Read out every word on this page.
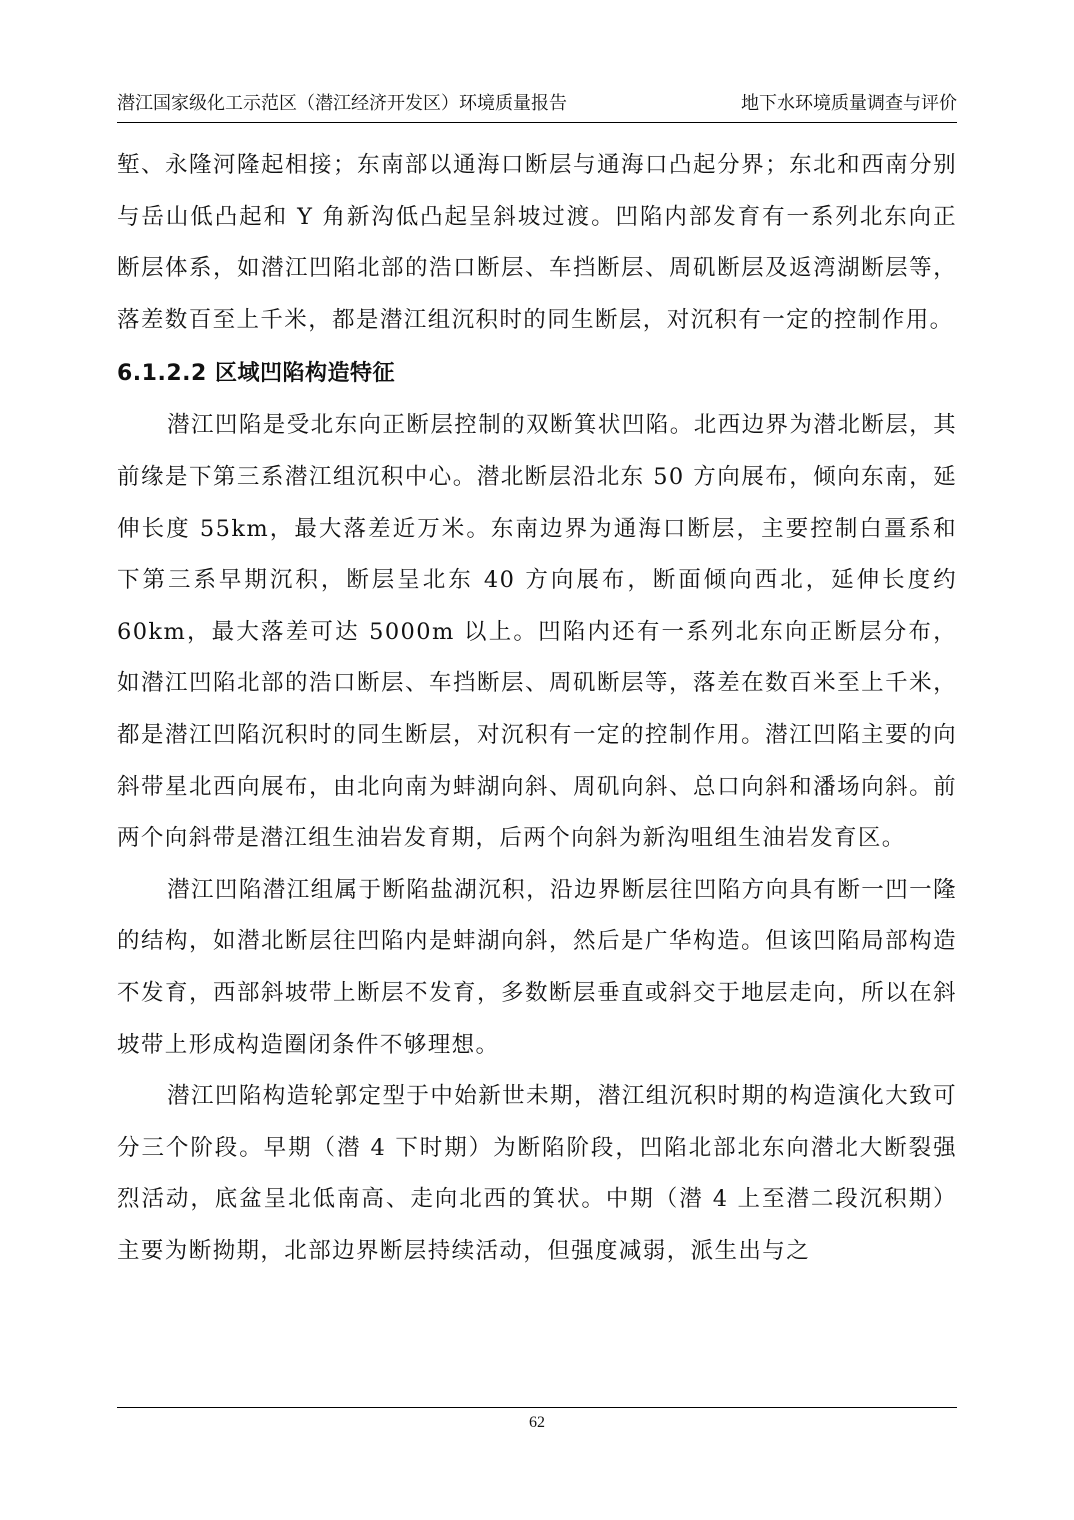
潜江国家级化工示范区（潜江经济开发区）环境质量报告	地下水环境质量调查与评价

堑、永隆河隆起相接；东南部以通海口断层与通海口凸起分界；东北和西南分别与岳山低凸起和 Y 角新沟低凸起呈斜坡过渡。凹陷内部发育有一系列北东向正断层体系，如潜江凹陷北部的浩口断层、车挡断层、周矶断层及返湾湖断层等，落差数百至上千米，都是潜江组沉积时的同生断层，对沉积有一定的控制作用。

6.1.2.2 区域凹陷构造特征

潜江凹陷是受北东向正断层控制的双断箕状凹陷。北西边界为潜北断层，其前缘是下第三系潜江组沉积中心。潜北断层沿北东 50 方向展布，倾向东南，延伸长度 55km，最大落差近万米。东南边界为通海口断层，主要控制白畺系和下第三系早期沉积，断层呈北东 40 方向展布，断面倾向西北，延伸长度约 60km，最大落差可达 5000m 以上。凹陷内还有一系列北东向正断层分布，如潜江凹陷北部的浩口断层、车挡断层、周矶断层等，落差在数百米至上千米，都是潜江凹陷沉积时的同生断层，对沉积有一定的控制作用。潜江凹陷主要的向斜带星北西向展布，由北向南为蚌湖向斜、周矶向斜、总口向斜和潘场向斜。前两个向斜带是潜江组生油岩发育期，后两个向斜为新沟咀组生油岩发育区。

潜江凹陷潜江组属于断陷盐湖沉积，沿边界断层往凹陷方向具有断一凹一隆的结构，如潜北断层往凹陷内是蚌湖向斜，然后是广华构造。但该凹陷局部构造不发育，西部斜坡带上断层不发育，多数断层垂直或斜交于地层走向，所以在斜坡带上形成构造圈闭条件不够理想。

潜江凹陷构造轮郭定型于中始新世未期，潜江组沉积时期的构造演化大致可分三个阶段。早期（潜 4 下时期）为断陷阶段，凹陷北部北东向潜北大断裂强烈活动，底盆呈北低南高、走向北西的箕状。中期（潜 4 上至潜二段沉积期）主要为断拗期，北部边界断层持续活动，但强度减弱，派生出与之

62
